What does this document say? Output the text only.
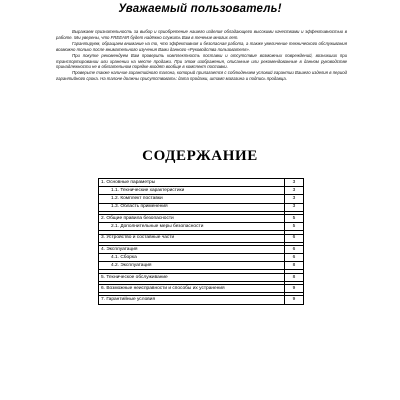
Уважаемый пользователь!

Выражаем признательность за выбор и приобретение нашего изделия обладающего высокими качествами и эффективностью в работе. Мы уверены, что FREEAIR будет надёжно служить Вам в течение многих лет.

Гарантируем, обращаем внимание на то, что эффективная и безопасная работа, а также увеличение технического обслуживания возможно только после внимательного изучения Вами данного «Руководства пользователя».

При покупке рекомендуем Вам проверить комплектность поставки и отсутствие возможных повреждений, возникших при транспортировании или хранении на месте продажи. При этом изображения, описанные или рекомендованные в данном руководстве принадлежности не в обязательном порядке входят вообще в комплект поставки.

Проверьте также наличие гарантийного талона, который прилагается с соблюдением условий гарантии Вашего изделия в период гарантийного срока. На талоне должны присутствовать: дата продажи, штамп магазина и подпись продавца.

СОДЕРЖАНИЕ
1. Основные параметры	3
1.1. Технические характеристики	3
1.2. Комплект поставки	3
1.3. Область применения	3

2. Общие правила безопасности	5
2.1. Дополнительные меры безопасности	5

3. Устройство и составные части	6

4. Эксплуатация	6
4.1. Сборка	6
4.2. Эксплуатация	8

5. Техническое обслуживание	8

6. Возможные неисправности и способы их устранения	9

7. Гарантийные условия	9
